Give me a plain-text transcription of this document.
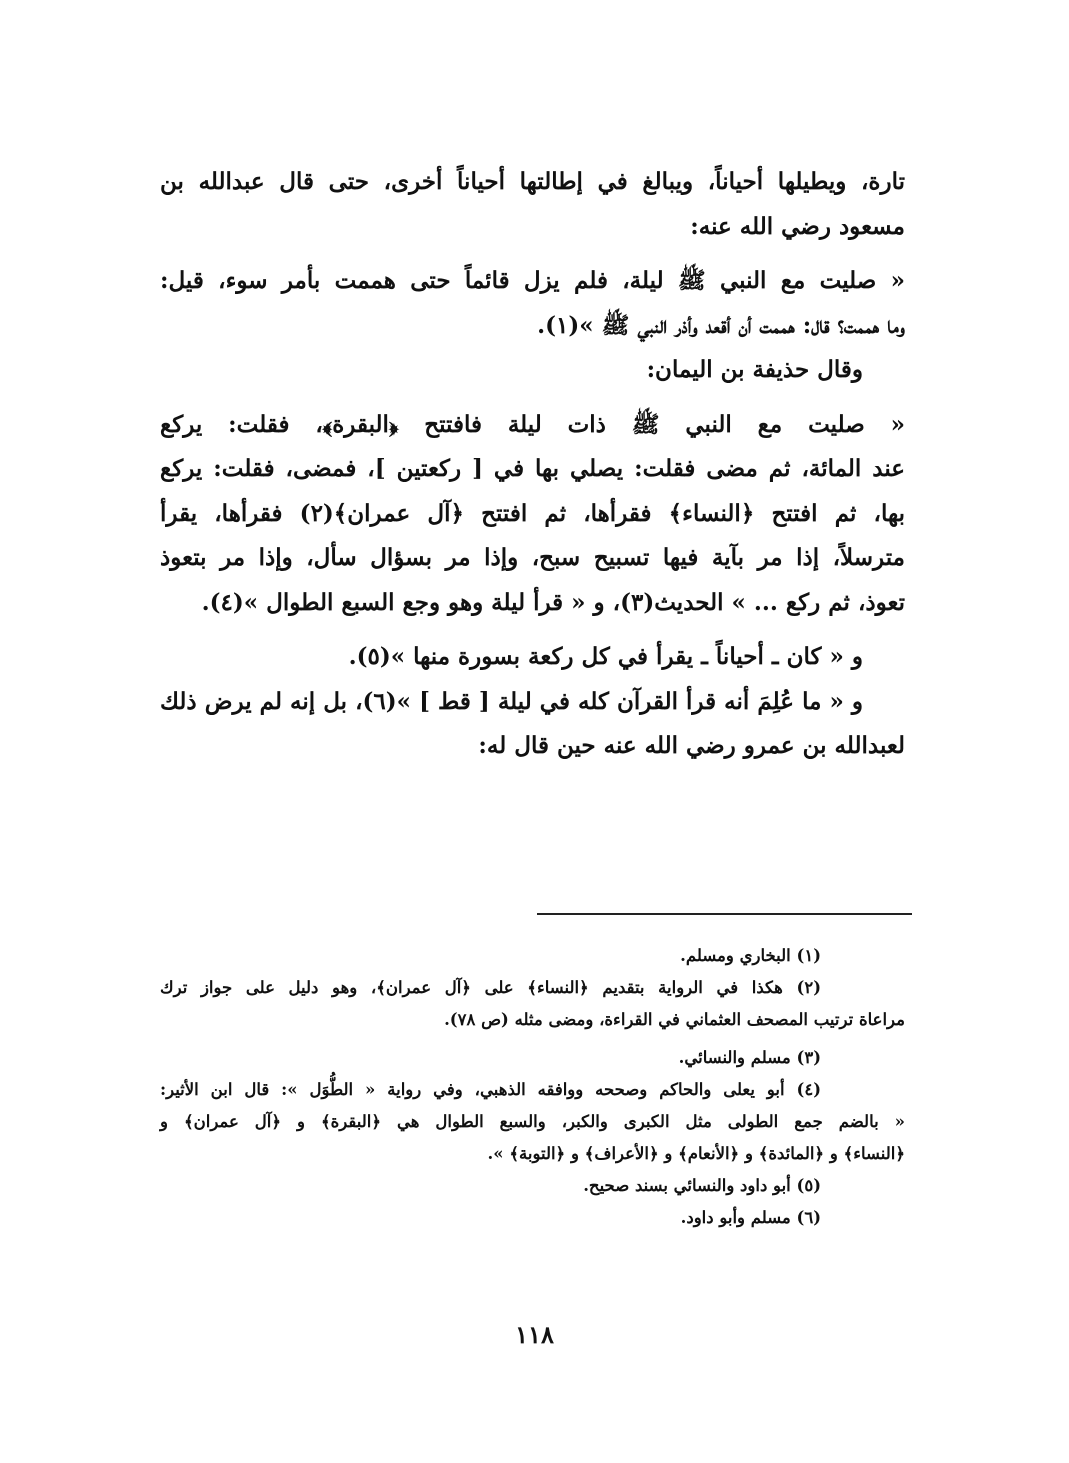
تارة، ويطيلها أحياناً، ويبالغ في إطالتها أحياناً أخرى، حتى قال عبدالله بن
مسعود رضي الله عنه:
« صليت مع النبي ﷺ ليلة، فلم يزل قائماً حتى هممت بأمر سوء، قيل:
وما هممت؟ قال: هممت أن أقعد وأذر النبي ﷺ »(١).
وقال حذيفة بن اليمان:
« صليت مع النبي ﷺ ذات ليلة فافتتح ﴿البقرة﴾، فقلت: يركع
عند المائة، ثم مضى فقلت: يصلي بها في [ ركعتين ]، فمضى، فقلت: يركع
بها، ثم افتتح ﴿النساء﴾ فقرأها، ثم افتتح ﴿آل عمران﴾(٢) فقرأها، يقرأ
مترسلاً، إذا مر بآية فيها تسبيح سبح، وإذا مر بسؤال سأل، وإذا مر بتعوذ
تعوذ، ثم ركع ... » الحديث(٣)، و « قرأ ليلة وهو وجع السبع الطوال »(٤).
و « كان ـ أحياناً ـ يقرأ في كل ركعة بسورة منها »(٥).
و « ما عُلِمَ أنه قرأ القرآن كله في ليلة [ قط ] »(٦)، بل إنه لم يرض ذلك
لعبدالله بن عمرو رضي الله عنه حين قال له:
(١) البخاري ومسلم.
(٢) هكذا في الرواية بتقديم ﴿النساء﴾ على ﴿آل عمران﴾، وهو دليل على جواز ترك
مراعاة ترتيب المصحف العثماني في القراءة، ومضى مثله (ص ٧٨).
(٣) مسلم والنسائي.
(٤) أبو يعلى والحاكم وصححه ووافقه الذهبي، وفي رواية « الطُّوَل »: قال ابن الأثير:
« بالضم جمع الطولى مثل الكبرى والكبر، والسبع الطوال هي ﴿البقرة﴾ و ﴿آل عمران﴾ و
﴿النساء﴾ و ﴿المائدة﴾ و ﴿الأنعام﴾ و ﴿الأعراف﴾ و ﴿التوبة﴾ ».
(٥) أبو داود والنسائي بسند صحيح.
(٦) مسلم وأبو داود.
١١٨
